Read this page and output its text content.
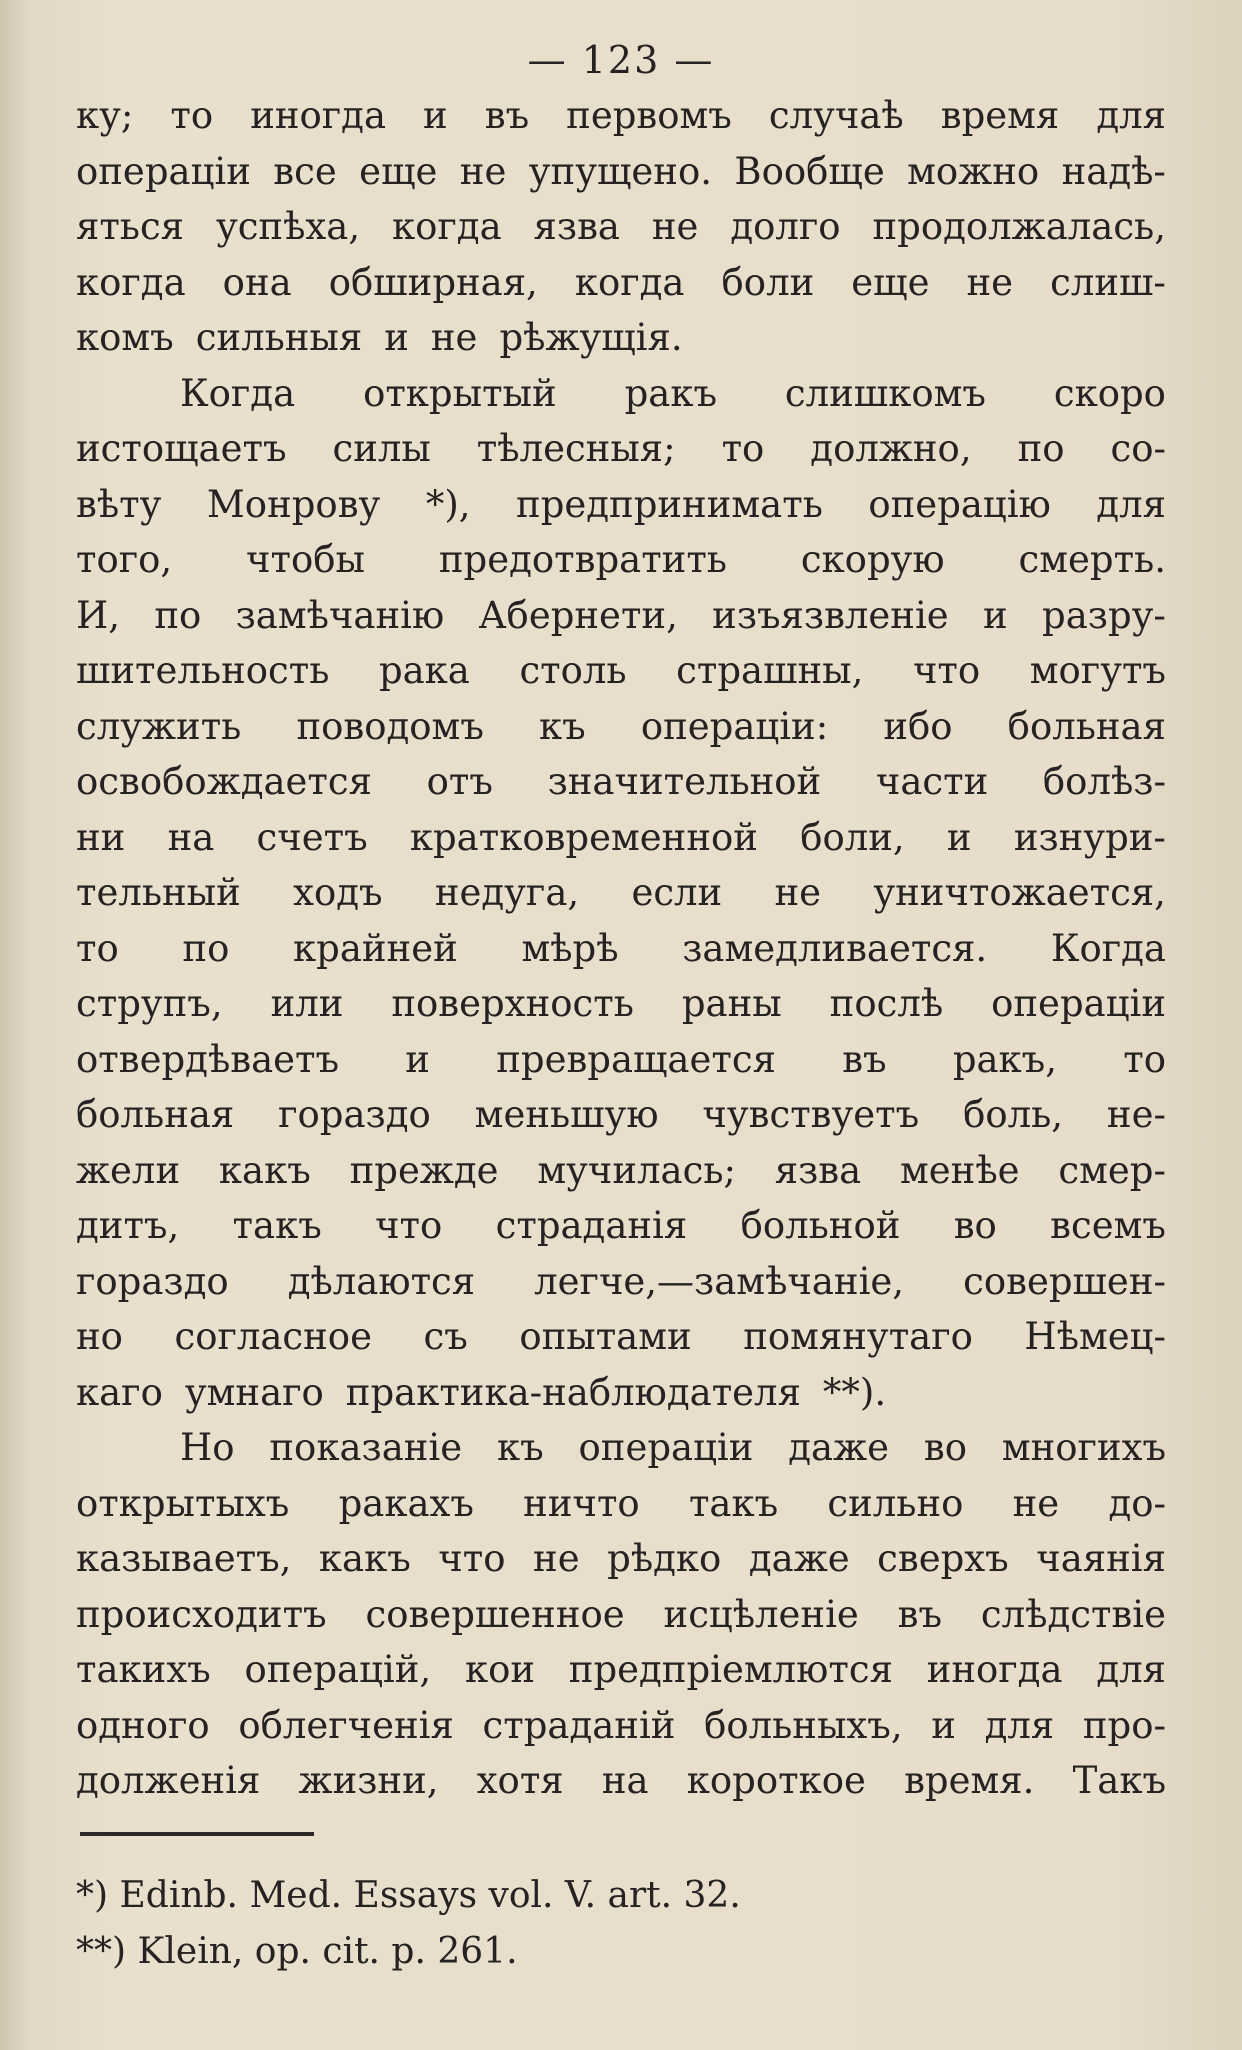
— 123 —
ку; то иногда и въ первомъ случаѣ время для
операціи все еще не упущено. Вообще можно надѣ-
яться успѣха, когда язва не долго продолжалась,
когда она обширная, когда боли еще не слиш-
комъ сильныя и не рѣжущія.
Когда открытый ракъ слишкомъ скоро
истощаетъ силы тѣлесныя; то должно, по со-
вѣту Монрову *), предпринимать операцію для
того, чтобы предотвратить скорую смерть.
И, по замѣчанію Абернети, изъязвленіе и разру-
шительность рака столь страшны, что могутъ
служить поводомъ къ операціи: ибо больная
освобождается отъ значительной части болѣз-
ни на счетъ кратковременной боли, и изнури-
тельный ходъ недуга, если не уничтожается,
то по крайней мѣрѣ замедливается. Когда
струпъ, или поверхность раны послѣ операціи
отвердѣваетъ и превращается въ ракъ, то
больная гораздо меньшую чувствуетъ боль, не-
жели какъ прежде мучилась; язва менѣе смер-
дитъ, такъ что страданія больной во всемъ
гораздо дѣлаются легче,—замѣчаніе, совершен-
но согласное съ опытами помянутаго Нѣмец-
каго умнаго практика-наблюдателя **).
Но показаніе къ операціи даже во многихъ
открытыхъ ракахъ ничто такъ сильно не до-
казываетъ, какъ что не рѣдко даже сверхъ чаянія
происходитъ совершенное исцѣленіе въ слѣдствіе
такихъ операцій, кои предпріемлются иногда для
одного облегченія страданій больныхъ, и для про-
долженія жизни, хотя на короткое время. Такъ
*) Edinb. Med. Essays vol. V. art. 32.
**) Klein, op. cit. p. 261.
